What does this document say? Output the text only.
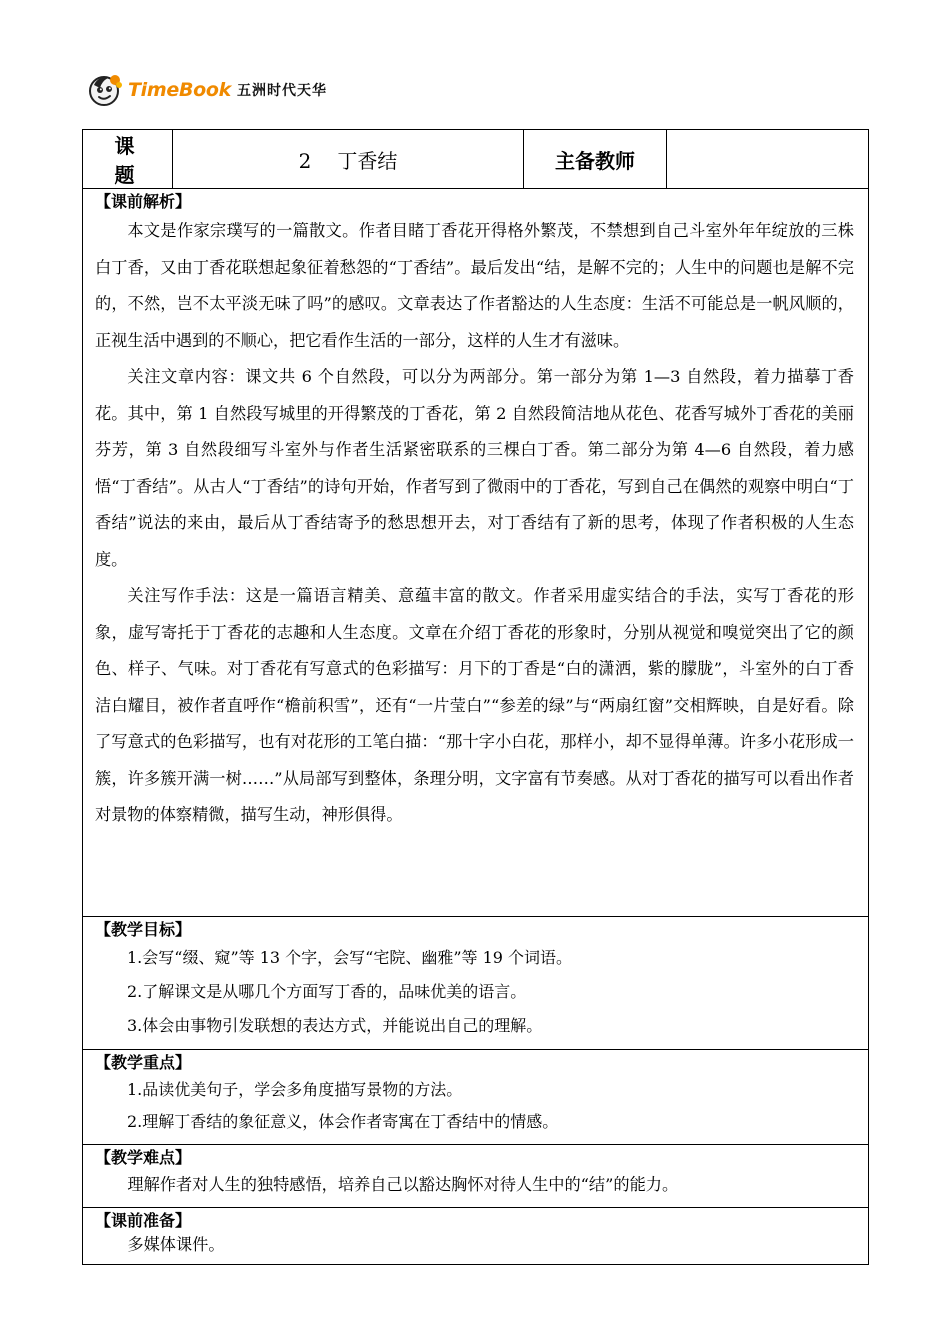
TimeBook 五洲时代天华
课　题	2 丁香结	主备教师	

【课前解析】

本文是作家宗璞写的一篇散文。作者目睹丁香花开得格外繁茂，不禁想到自己斗室外年年绽放的三株白丁香，又由丁香花联想起象征着愁怨的“丁香结”。最后发出“结，是解不完的；人生中的问题也是解不完的，不然，岂不太平淡无味了吗”的感叹。文章表达了作者豁达的人生态度：生活不可能总是一帆风顺的，正视生活中遇到的不顺心，把它看作生活的一部分，这样的人生才有滋味。

关注文章内容：课文共 6 个自然段，可以分为两部分。第一部分为第 1—3 自然段，着力描摹丁香花。其中，第 1 自然段写城里的开得繁茂的丁香花，第 2 自然段简洁地从花色、花香写城外丁香花的美丽芬芳，第 3 自然段细写斗室外与作者生活紧密联系的三棵白丁香。第二部分为第 4—6 自然段，着力感悟“丁香结”。从古人“丁香结”的诗句开始，作者写到了微雨中的丁香花，写到自己在偶然的观察中明白“丁香结”说法的来由，最后从丁香结寄予的愁思想开去，对丁香结有了新的思考，体现了作者积极的人生态度。

关注写作手法：这是一篇语言精美、意蕴丰富的散文。作者采用虚实结合的手法，实写丁香花的形象，虚写寄托于丁香花的志趣和人生态度。文章在介绍丁香花的形象时，分别从视觉和嗅觉突出了它的颜色、样子、气味。对丁香花有写意式的色彩描写：月下的丁香是“白的潇洒，紫的朦胧”，斗室外的白丁香洁白耀目，被作者直呼作“檐前积雪”，还有“一片莹白”“参差的绿”与“两扇红窗”交相辉映，自是好看。除了写意式的色彩描写，也有对花形的工笔白描：“那十字小白花，那样小，却不显得单薄。许多小花形成一簇，许多簇开满一树……”从局部写到整体，条理分明，文字富有节奏感。从对丁香花的描写可以看出作者对景物的体察精微，描写生动，神形俱得。

【教学目标】

1.会写“缀、窥”等 13 个字，会写“宅院、幽雅”等 19 个词语。

2.了解课文是从哪几个方面写丁香的，品味优美的语言。

3.体会由事物引发联想的表达方式，并能说出自己的理解。

【教学重点】

1.品读优美句子，学会多角度描写景物的方法。

2.理解丁香结的象征意义，体会作者寄寓在丁香结中的情感。

【教学难点】

理解作者对人生的独特感悟，培养自己以豁达胸怀对待人生中的“结”的能力。

【课前准备】

多媒体课件。
